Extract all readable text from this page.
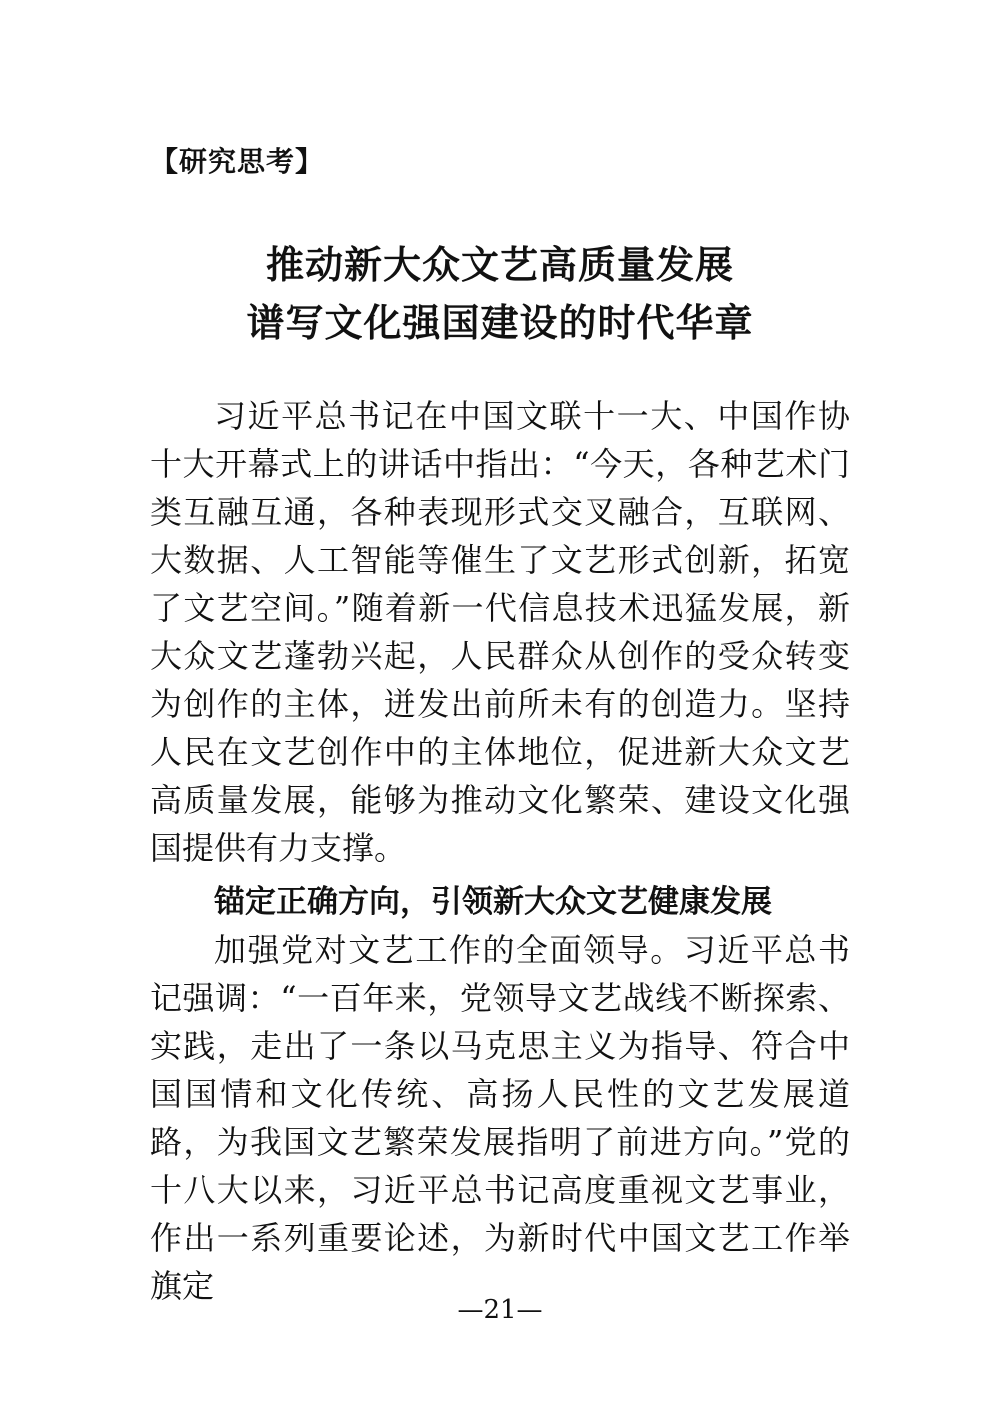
【研究思考】

推动新大众文艺高质量发展
谱写文化强国建设的时代华章

习近平总书记在中国文联十一大、中国作协十大开幕式上的讲话中指出：“今天，各种艺术门类互融互通，各种表现形式交叉融合，互联网、大数据、人工智能等催生了文艺形式创新，拓宽了文艺空间。”随着新一代信息技术迅猛发展，新大众文艺蓬勃兴起，人民群众从创作的受众转变为创作的主体，迸发出前所未有的创造力。坚持人民在文艺创作中的主体地位，促进新大众文艺高质量发展，能够为推动文化繁荣、建设文化强国提供有力支撑。

锚定正确方向，引领新大众文艺健康发展

加强党对文艺工作的全面领导。习近平总书记强调：“一百年来，党领导文艺战线不断探索、实践，走出了一条以马克思主义为指导、符合中国国情和文化传统、高扬人民性的文艺发展道路，为我国文艺繁荣发展指明了前进方向。”党的十八大以来，习近平总书记高度重视文艺事业，作出一系列重要论述，为新时代中国文艺工作举旗定

—21—
